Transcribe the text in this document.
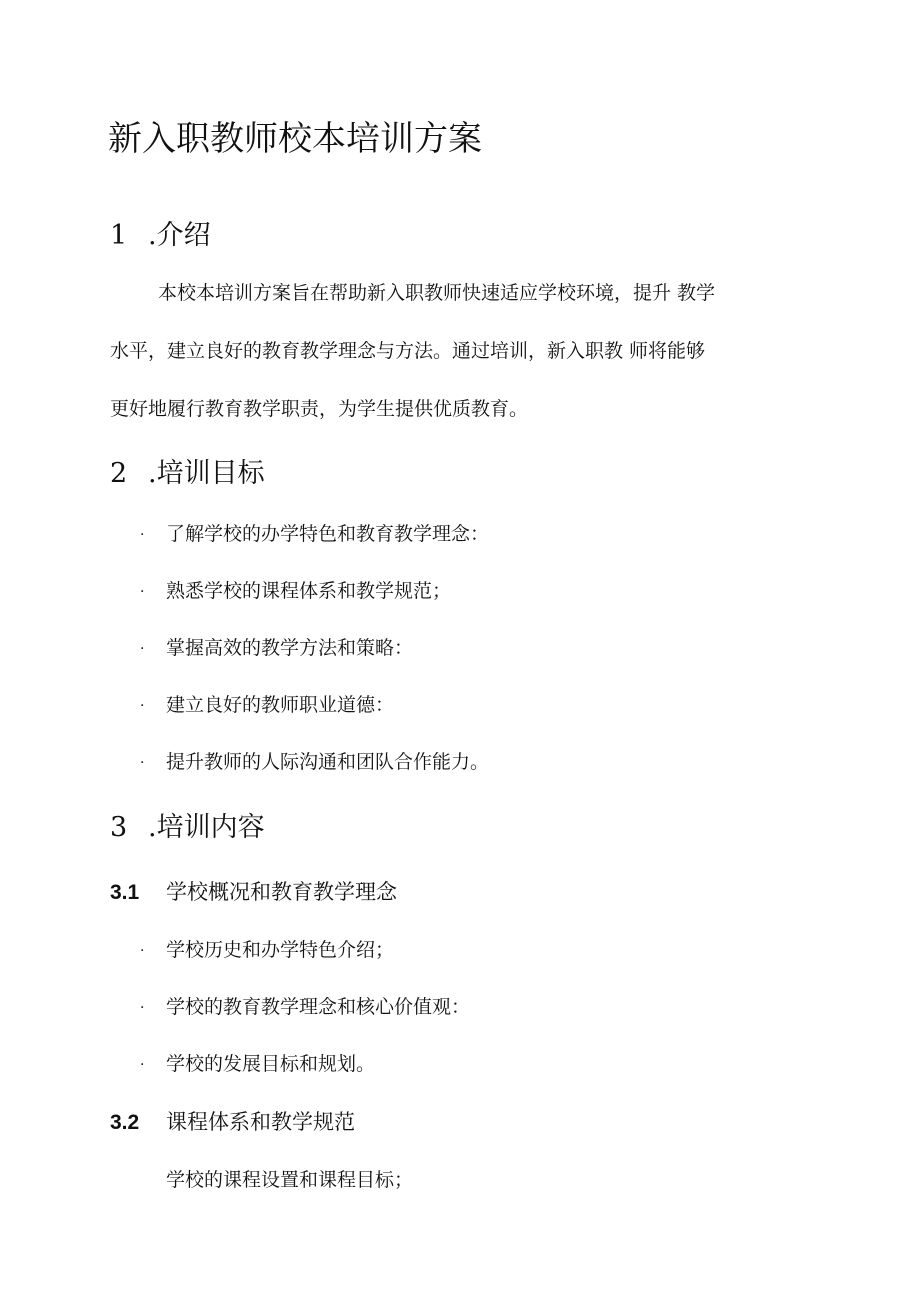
新入职教师校本培训方案
1 .介绍
本校本培训方案旨在帮助新入职教师快速适应学校环境，提升 教学
水平，建立良好的教育教学理念与方法。通过培训，新入职教 师将能够
更好地履行教育教学职责，为学生提供优质教育。
2 .培训目标
· 了解学校的办学特色和教育教学理念：
· 熟悉学校的课程体系和教学规范；
· 掌握高效的教学方法和策略：
· 建立良好的教师职业道德：
· 提升教师的人际沟通和团队合作能力。
3 .培训内容
3.1 学校概况和教育教学理念
· 学校历史和办学特色介绍；
· 学校的教育教学理念和核心价值观：
· 学校的发展目标和规划。
3.2 课程体系和教学规范
学校的课程设置和课程目标；
